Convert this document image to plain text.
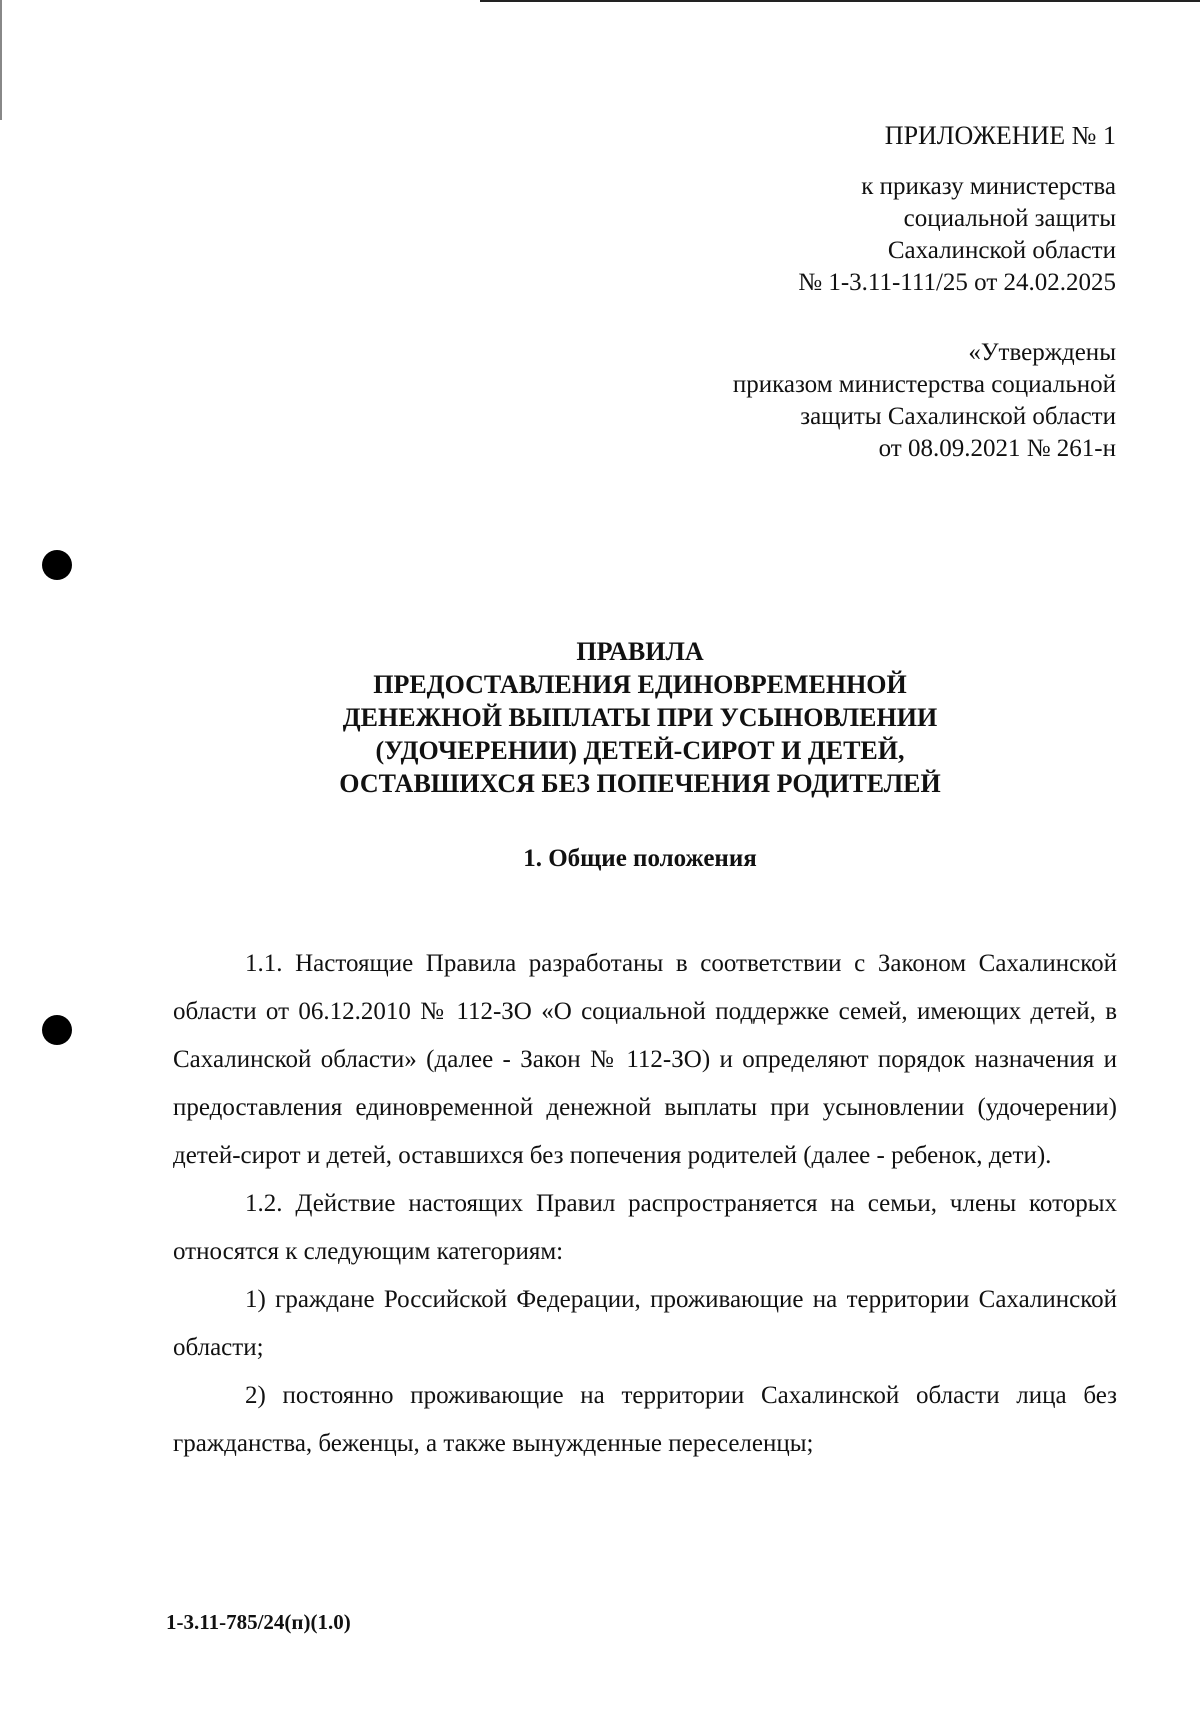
ПРИЛОЖЕНИЕ № 1
к приказу министерства
социальной защиты
Сахалинской области
№ 1-3.11-111/25 от 24.02.2025
«Утверждены
приказом министерства социальной
защиты Сахалинской области
от 08.09.2021 № 261-н
ПРАВИЛА
ПРЕДОСТАВЛЕНИЯ ЕДИНОВРЕМЕННОЙ
ДЕНЕЖНОЙ ВЫПЛАТЫ ПРИ УСЫНОВЛЕНИИ
(УДОЧЕРЕНИИ) ДЕТЕЙ-СИРОТ И ДЕТЕЙ,
ОСТАВШИХСЯ БЕЗ ПОПЕЧЕНИЯ РОДИТЕЛЕЙ
1. Общие положения

1.1. Настоящие Правила разработаны в соответствии с Законом Сахалинской области от 06.12.2010 № 112-ЗО «О социальной поддержке семей, имеющих детей, в Сахалинской области» (далее - Закон № 112-ЗО) и определяют порядок назначения и предоставления единовременной денежной выплаты при усыновлении (удочерении) детей-сирот и детей, оставшихся без попечения родителей (далее - ребенок, дети).

1.2. Действие настоящих Правил распространяется на семьи, члены которых относятся к следующим категориям:

1) граждане Российской Федерации, проживающие на территории Сахалинской области;

2) постоянно проживающие на территории Сахалинской области лица без гражданства, беженцы, а также вынужденные переселенцы;

1-3.11-785/24(п)(1.0)
